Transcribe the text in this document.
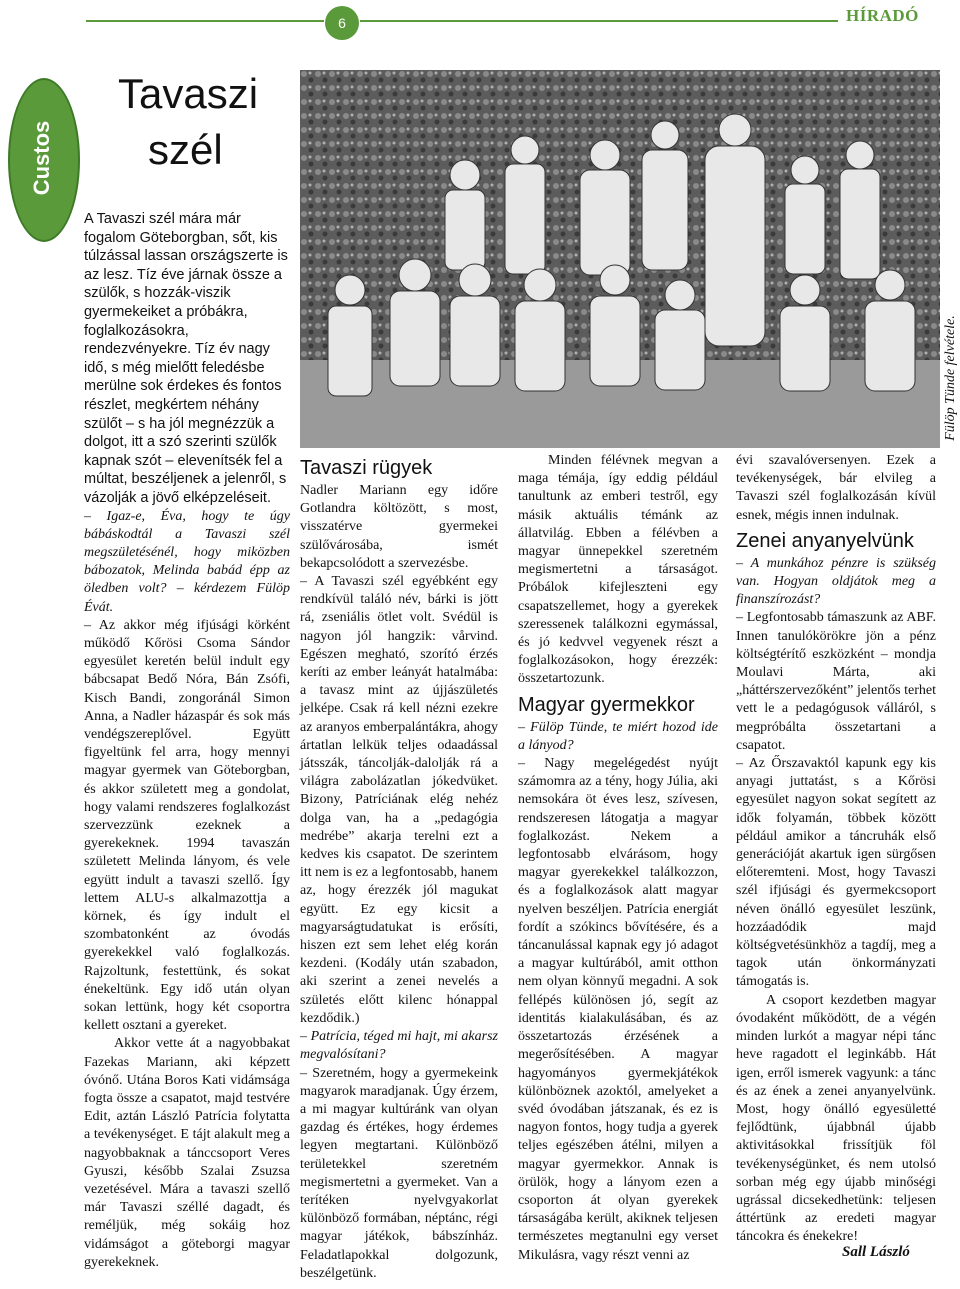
6	HÍRADÓ
Custos
Tavaszi
szél
Fülöp Tünde felvétele.

A Tavaszi szél mára már fogalom Göteborgban, sőt, kis túlzással lassan országszerte is az lesz. Tíz éve járnak össze a szülők, s hozzák-viszik gyermekeiket a próbákra, foglalkozásokra, rendezvényekre. Tíz év nagy idő, s még mielőtt feledésbe merülne sok érdekes és fontos részlet, megkértem néhány szülőt – s ha jól megnézzük a dolgot, itt a szó szerinti szülők kapnak szót – elevenítsék fel a múltat, beszéljenek a jelenről, s vázolják a jövő elképzeléseit.

– Igaz-e, Éva, hogy te úgy bábáskodtál a Tavaszi szél megszületésénél, hogy miközben bábozatok, Melinda babád épp az öledben volt? – kérdezem Fülöp Évát.

– Az akkor még ifjúsági körként működő Kőrösi Csoma Sándor egyesület keretén belül indult egy bábcsapat Bedő Nóra, Bán Zsófi, Kisch Bandi, zongoránál Simon Anna, a Nadler házaspár és sok más vendégszereplővel. Együtt figyeltünk fel arra, hogy mennyi magyar gyermek van Göteborgban, és akkor született meg a gondolat, hogy valami rendszeres foglalkozást szervezzünk ezeknek a gyerekeknek. 1994 tavaszán született Melinda lányom, és vele együtt indult a tavaszi szellő. Így lettem ALU-s alkalmazottja a körnek, és így indult el szombatonként az óvodás gyerekekkel való foglalkozás. Rajzoltunk, festettünk, és sokat énekeltünk. Egy idő után olyan sokan lettünk, hogy két csoportra kellett osztani a gyereket.

Akkor vette át a nagyobbakat Fazekas Mariann, aki képzett óvónő. Utána Boros Kati vidámsága fogta össze a csapatot, majd testvére Edit, aztán László Patrícia folytatta a tevékenységet. E tájt alakult meg a nagyobbaknak a tánccsoport Veres Gyuszi, később Szalai Zsuzsa vezetésével. Mára a tavaszi szellő már Tavaszi széllé dagadt, és reméljük, még sokáig hoz vidámságot a göteborgi magyar gyerekeknek.

Tavaszi rügyek

Nadler Mariann egy időre Gotlandra költözött, s most, visszatérve gyermekei szülővárosába, ismét bekapcsolódott a szervezésbe.

– A Tavaszi szél egyébként egy rendkívül találó név, bárki is jött rá, zseniális ötlet volt. Svédül is nagyon jól hangzik: vårvind. Egészen megható, szorító érzés keríti az ember leányát hatalmába: a tavasz mint az újjászületés jelképe. Csak rá kell nézni ezekre az aranyos emberpalántákra, ahogy ártatlan lelkük teljes odaadással játsszák, táncolják-dalolják rá a világra zabolázatlan jókedvüket. Bizony, Patríciának elég nehéz dolga van, ha a „pedagógia medrébe” akarja terelni ezt a kedves kis csapatot. De szerintem itt nem is ez a legfontosabb, hanem az, hogy érezzék jól magukat együtt. Ez egy kicsit a magyarságtudatukat is erősíti, hiszen ezt sem lehet elég korán kezdeni. (Kodály után szabadon, aki szerint a zenei nevelés a születés előtt kilenc hónappal kezdődik.)

– Patrícia, téged mi hajt, mi akarsz megvalósítani?

– Szeretném, hogy a gyermekeink magyarok maradjanak. Úgy érzem, a mi magyar kultúránk van olyan gazdag és értékes, hogy érdemes legyen megtartani. Különböző területekkel szeretném megismertetni a gyermeket. Van a terítéken nyelvgyakorlat különböző formában, néptánc, régi magyar játékok, bábszínház. Feladatlapokkal dolgozunk, beszélgetünk.

Minden félévnek megvan a maga témája, így eddig például tanultunk az emberi testről, egy másik aktuális témánk az állatvilág. Ebben a félévben a magyar ünnepekkel szeretném megismertetni a társaságot. Próbálok kifejleszteni egy csapatszellemet, hogy a gyerekek szeressenek találkozni egymással, és jó kedvvel vegyenek részt a foglalkozásokon, hogy érezzék: összetartozunk.

Magyar gyermekkor

– Fülöp Tünde, te miért hozod ide a lányod?

– Nagy megelégedést nyújt számomra az a tény, hogy Júlia, aki nemsokára öt éves lesz, szívesen, rendszeresen látogatja a magyar foglalkozást. Nekem a legfontosabb elvárásom, hogy magyar gyerekekkel találkozzon, és a foglalkozások alatt magyar nyelven beszéljen. Patrícia energiát fordít a szókincs bővítésére, és a táncanulással kapnak egy jó adagot a magyar kultúrából, amit otthon nem olyan könnyű megadni. A sok fellépés különösen jó, segít az identitás kialakulásában, és az összetartozás érzésének a megerősítésében. A magyar hagyományos gyermekjátékok különböznek azoktól, amelyeket a svéd óvodában játszanak, és ez is nagyon fontos, hogy tudja a gyerek teljes egészében átélni, milyen a magyar gyermekkor. Annak is örülök, hogy a lányom ezen a csoporton át olyan gyerekek társaságába került, akiknek teljesen természetes megtanulni egy verset Mikulásra, vagy részt venni az

évi szavalóversenyen. Ezek a tevékenységek, bár elvileg a Tavaszi szél foglalkozásán kívül esnek, mégis innen indulnak.

Zenei anyanyelvünk

– A munkához pénzre is szükség van. Hogyan oldjátok meg a finanszírozást?

– Legfontosabb támaszunk az ABF. Innen tanulókörökre jön a pénz költségtérítő eszközként – mondja Moulavi Márta, aki „háttérszervezőként” jelentős terhet vett le a pedagógusok válláról, s megpróbálta összetartani a csapatot.

– Az Őrszavaktól kapunk egy kis anyagi juttatást, s a Kőrösi egyesület nagyon sokat segített az idők folyamán, többek között például amikor a táncruhák első generációját akartuk igen sürgősen előteremteni. Most, hogy Tavaszi szél ifjúsági és gyermekcsoport néven önálló egyesület leszünk, hozzáadódik majd költségvetésünkhöz a tagdíj, meg a tagok után önkormányzati támogatás is.

A csoport kezdetben magyar óvodaként működött, de a végén minden lurkót a magyar népi tánc heve ragadott el leginkább. Hát igen, erről ismerek vagyunk: a tánc és az ének a zenei anyanyelvünk. Most, hogy önálló egyesületté fejlődtünk, újabbnál újabb aktivitásokkal frissítjük föl tevékenységünket, és nem utolsó sorban még egy újabb minőségi ugrással dicsekedhetünk: teljesen áttértünk az eredeti magyar táncokra és énekekre!

Sall László
